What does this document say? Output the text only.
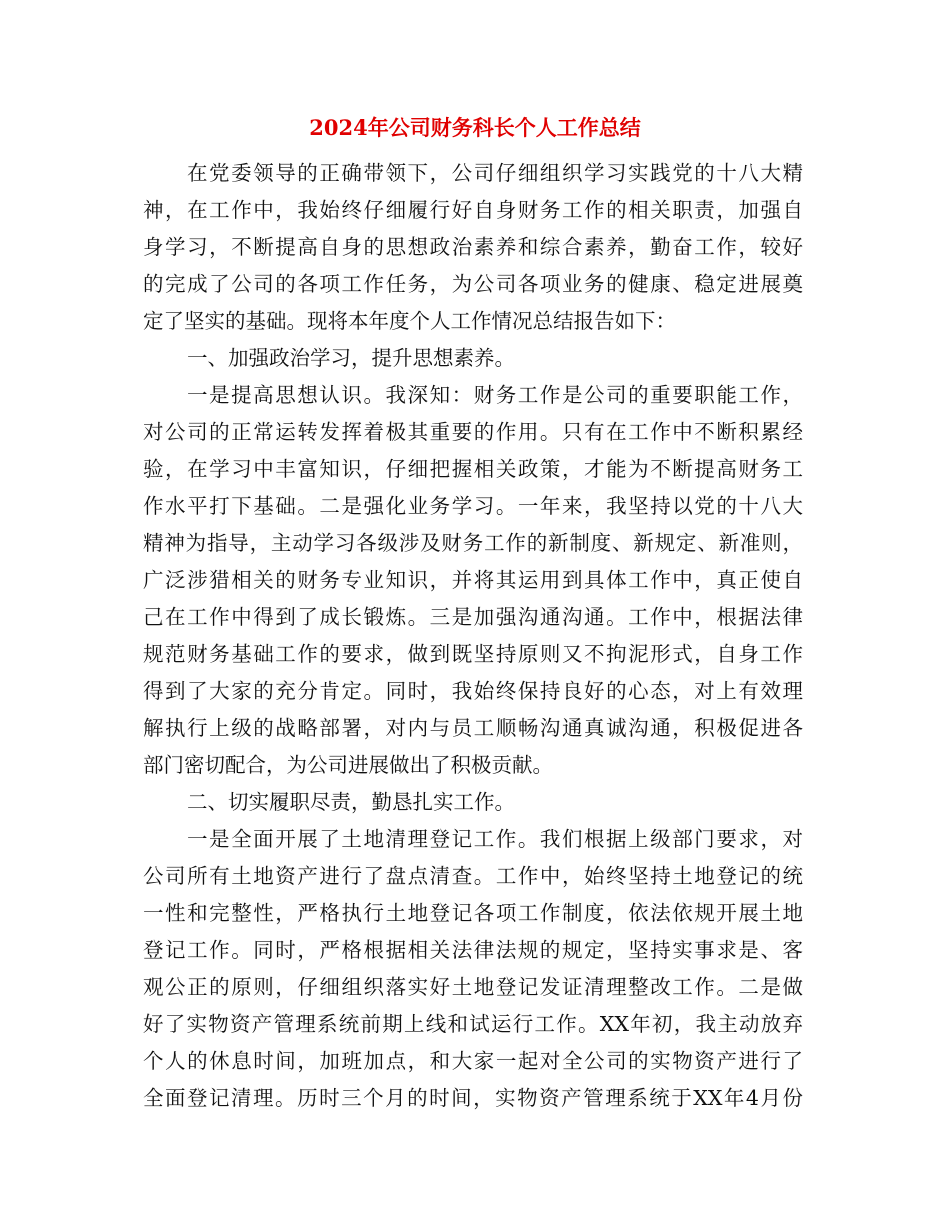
2024年公司财务科长个人工作总结
在党委领导的正确带领下，公司仔细组织学习实践党的十八大精
神，在工作中，我始终仔细履行好自身财务工作的相关职责，加强自
身学习，不断提高自身的思想政治素养和综合素养，勤奋工作，较好
的完成了公司的各项工作任务，为公司各项业务的健康、稳定进展奠
定了坚实的基础。现将本年度个人工作情况总结报告如下：
一、加强政治学习，提升思想素养。
一是提高思想认识。我深知：财务工作是公司的重要职能工作，
对公司的正常运转发挥着极其重要的作用。只有在工作中不断积累经
验，在学习中丰富知识，仔细把握相关政策，才能为不断提高财务工
作水平打下基础。二是强化业务学习。一年来，我坚持以党的十八大
精神为指导，主动学习各级涉及财务工作的新制度、新规定、新准则，
广泛涉猎相关的财务专业知识，并将其运用到具体工作中，真正使自
己在工作中得到了成长锻炼。三是加强沟通沟通。工作中，根据法律
规范财务基础工作的要求，做到既坚持原则又不拘泥形式，自身工作
得到了大家的充分肯定。同时，我始终保持良好的心态，对上有效理
解执行上级的战略部署，对内与员工顺畅沟通真诚沟通，积极促进各
部门密切配合，为公司进展做出了积极贡献。
二、切实履职尽责，勤恳扎实工作。
一是全面开展了土地清理登记工作。我们根据上级部门要求，对
公司所有土地资产进行了盘点清查。工作中，始终坚持土地登记的统
一性和完整性，严格执行土地登记各项工作制度，依法依规开展土地
登记工作。同时，严格根据相关法律法规的规定，坚持实事求是、客
观公正的原则，仔细组织落实好土地登记发证清理整改工作。二是做
好了实物资产管理系统前期上线和试运行工作。XX年初，我主动放弃
个人的休息时间，加班加点，和大家一起对全公司的实物资产进行了
全面登记清理。历时三个月的时间，实物资产管理系统于XX年4月份
